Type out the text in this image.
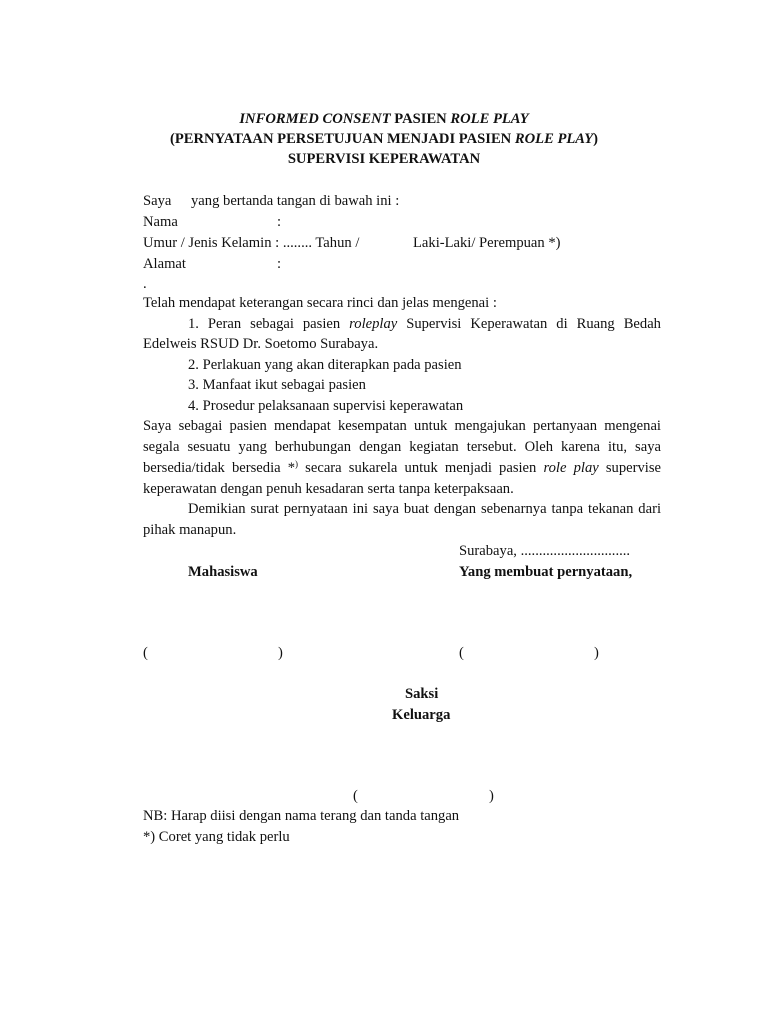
INFORMED CONSENT PASIEN ROLE PLAY
(PERNYATAAN PERSETUJUAN MENJADI PASIEN ROLE PLAY)
SUPERVISI KEPERAWATAN
Saya yang bertanda tangan di bawah ini :
Nama	:
Umur / Jenis Kelamin : ........ Tahun /	Laki-Laki/ Perempuan *)
Alamat	:
.
Telah mendapat keterangan secara rinci dan jelas mengenai :
1. Peran sebagai pasien roleplay Supervisi Keperawatan di Ruang Bedah
Edelweis RSUD Dr. Soetomo Surabaya.
2. Perlakuan yang akan diterapkan pada pasien
3. Manfaat ikut sebagai pasien
4. Prosedur pelaksanaan supervisi keperawatan
Saya sebagai pasien mendapat kesempatan untuk mengajukan pertanyaan mengenai
segala sesuatu yang berhubungan dengan kegiatan tersebut. Oleh karena itu, saya
bersedia/tidak bersedia *) secara sukarela untuk menjadi pasien role play supervise
keperawatan dengan penuh kesadaran serta tanpa keterpaksaan.
Demikian surat pernyataan ini saya buat dengan sebenarnya tanpa tekanan dari
pihak manapun.
Surabaya, ..............................
Mahasiswa	Yang membuat pernyataan,
(	)	(	)
Saksi
Keluarga
(	)
NB: Harap diisi dengan nama terang dan tanda tangan
*) Coret yang tidak perlu
